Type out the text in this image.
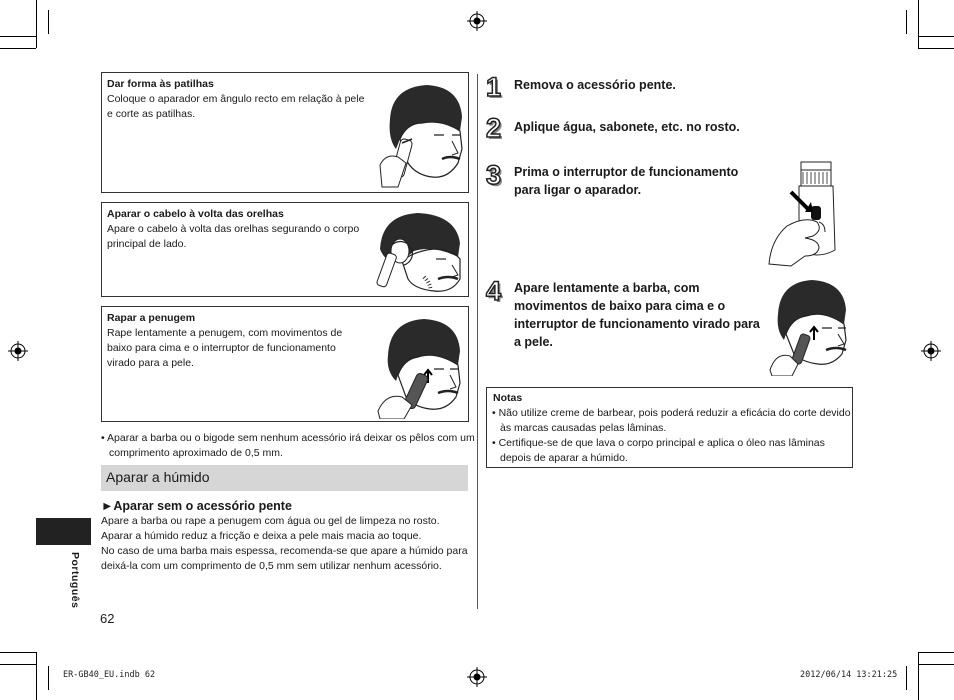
Dar forma às patilhas
Coloque o aparador em ângulo recto em relação à pele e corte as patilhas.
Aparar o cabelo à volta das orelhas
Apare o cabelo à volta das orelhas segurando o corpo principal de lado.
Rapar a penugem
Rape lentamente a penugem, com movimentos de baixo para cima e o interruptor de funcionamento virado para a pele.
• Aparar a barba ou o bigode sem nenhum acessório irá deixar os pêlos com um comprimento aproximado de 0,5 mm.
Aparar a húmido
►Aparar sem o acessório pente
Apare a barba ou rape a penugem com água ou gel de limpeza no rosto.
Aparar a húmido reduz a fricção e deixa a pele mais macia ao toque.
No caso de uma barba mais espessa, recomenda-se que apare a húmido para deixá-la com um comprimento de 0,5 mm sem utilizar nenhum acessório.
Português
62
1 Remova o acessório pente.
2 Aplique água, sabonete, etc. no rosto.
3 Prima o interruptor de funcionamento para ligar o aparador.
4 Apare lentamente a barba, com movimentos de baixo para cima e o interruptor de funcionamento virado para a pele.
Notas
• Não utilize creme de barbear, pois poderá reduzir a eficácia do corte devido às marcas causadas pelas lâminas.
• Certifique-se de que lava o corpo principal e aplica o óleo nas lâminas depois de aparar a húmido.
ER-GB40_EU.indb 62	2012/06/14 13:21:25
